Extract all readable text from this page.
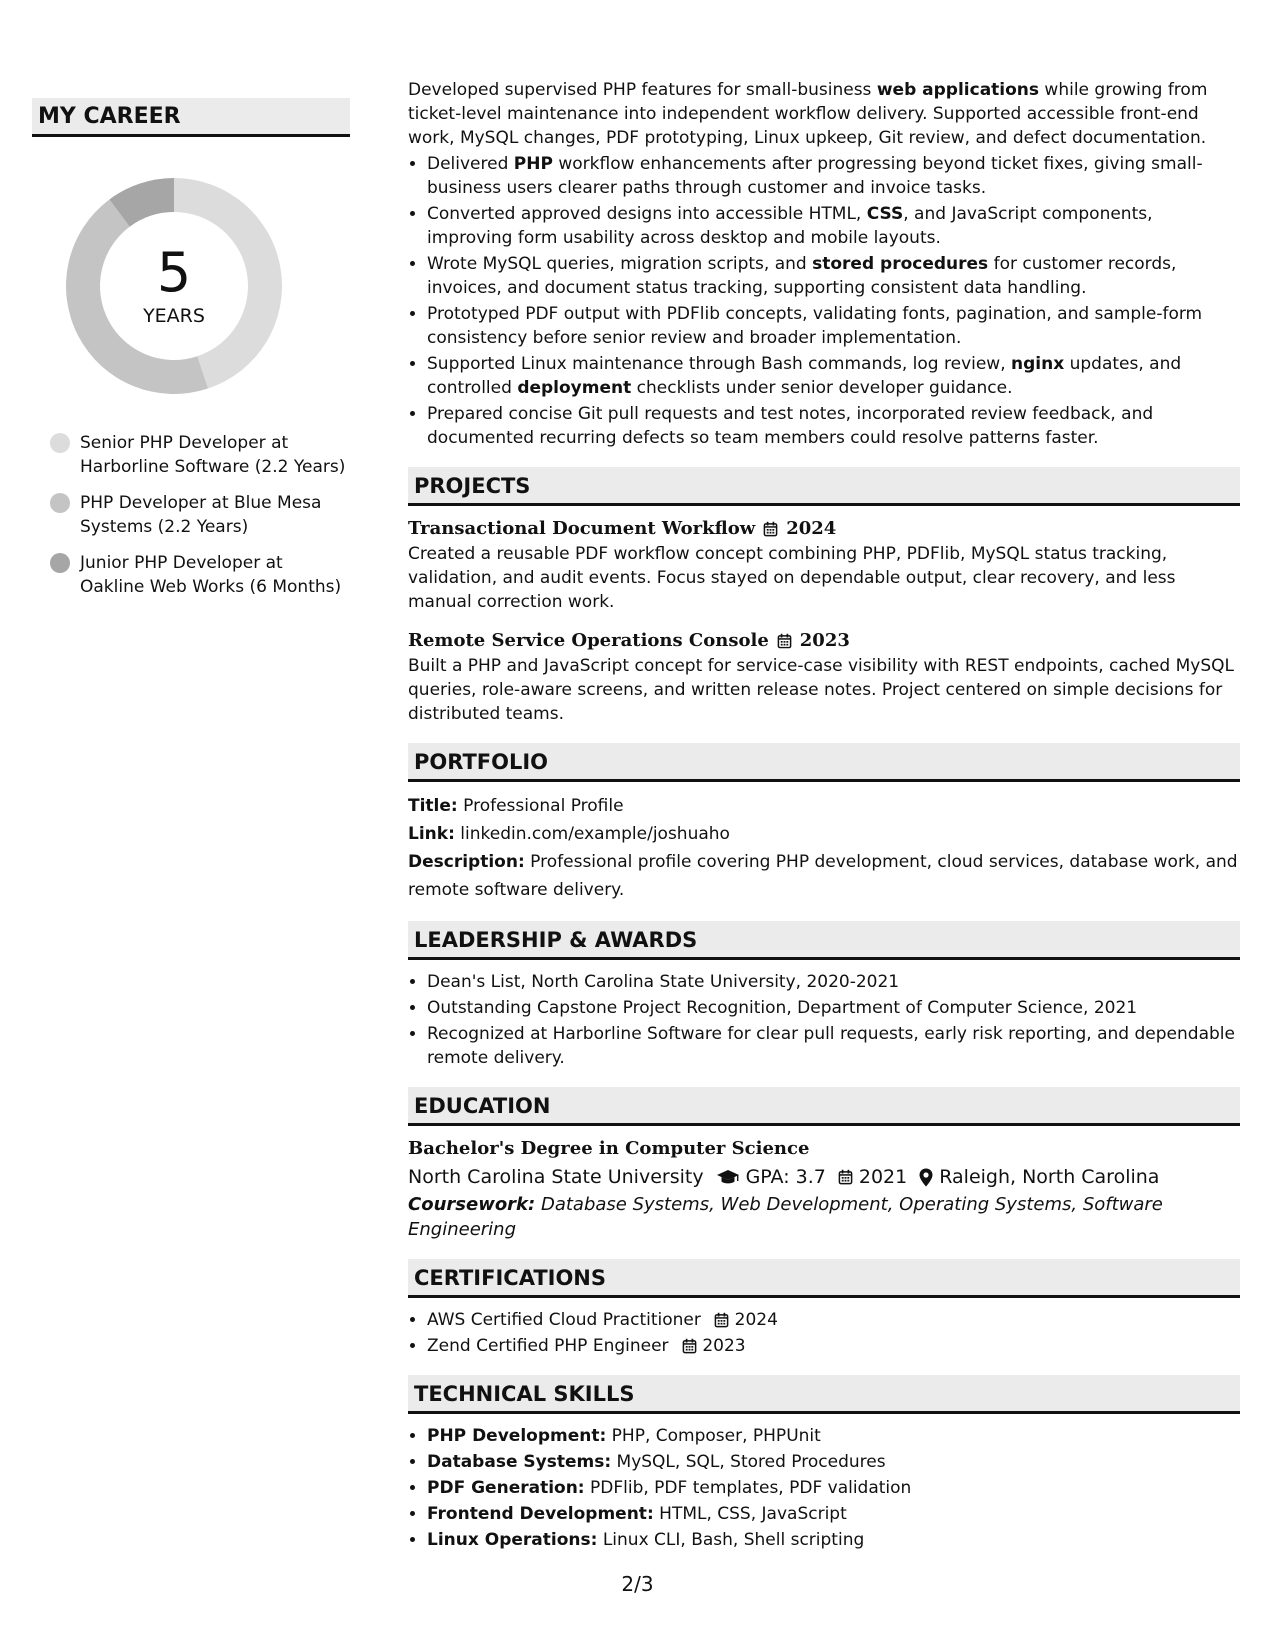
MY CAREER
5
YEARS
Senior PHP Developer at Harborline Software (2.2 Years)
PHP Developer at Blue Mesa Systems (2.2 Years)
Junior PHP Developer at Oakline Web Works (6 Months)

Developed supervised PHP features for small-business web applications while growing from ticket-level maintenance into independent workflow delivery. Supported accessible front-end work, MySQL changes, PDF prototyping, Linux upkeep, Git review, and defect documentation.

• Delivered PHP workflow enhancements after progressing beyond ticket fixes, giving small-business users clearer paths through customer and invoice tasks.
• Converted approved designs into accessible HTML, CSS, and JavaScript components, improving form usability across desktop and mobile layouts.
• Wrote MySQL queries, migration scripts, and stored procedures for customer records, invoices, and document status tracking, supporting consistent data handling.
• Prototyped PDF output with PDFlib concepts, validating fonts, pagination, and sample-form consistency before senior review and broader implementation.
• Supported Linux maintenance through Bash commands, log review, nginx updates, and controlled deployment checklists under senior developer guidance.
• Prepared concise Git pull requests and test notes, incorporated review feedback, and documented recurring defects so team members could resolve patterns faster.
PROJECTS
Transactional Document Workflow 2024
Created a reusable PDF workflow concept combining PHP, PDFlib, MySQL status tracking, validation, and audit events. Focus stayed on dependable output, clear recovery, and less manual correction work.
Remote Service Operations Console 2023
Built a PHP and JavaScript concept for service-case visibility with REST endpoints, cached MySQL queries, role-aware screens, and written release notes. Project centered on simple decisions for distributed teams.
PORTFOLIO
Title: Professional Profile
Link: linkedin.com/example/joshuaho
Description: Professional profile covering PHP development, cloud services, database work, and remote software delivery.
LEADERSHIP & AWARDS
• Dean's List, North Carolina State University, 2020-2021
• Outstanding Capstone Project Recognition, Department of Computer Science, 2021
• Recognized at Harborline Software for clear pull requests, early risk reporting, and dependable remote delivery.
EDUCATION
Bachelor's Degree in Computer Science
North Carolina State University GPA: 3.7 2021 Raleigh, North Carolina
Coursework: Database Systems, Web Development, Operating Systems, Software Engineering
CERTIFICATIONS
• AWS Certified Cloud Practitioner 2024
• Zend Certified PHP Engineer 2023
TECHNICAL SKILLS
• PHP Development: PHP, Composer, PHPUnit
• Database Systems: MySQL, SQL, Stored Procedures
• PDF Generation: PDFlib, PDF templates, PDF validation
• Frontend Development: HTML, CSS, JavaScript
• Linux Operations: Linux CLI, Bash, Shell scripting
2/3
